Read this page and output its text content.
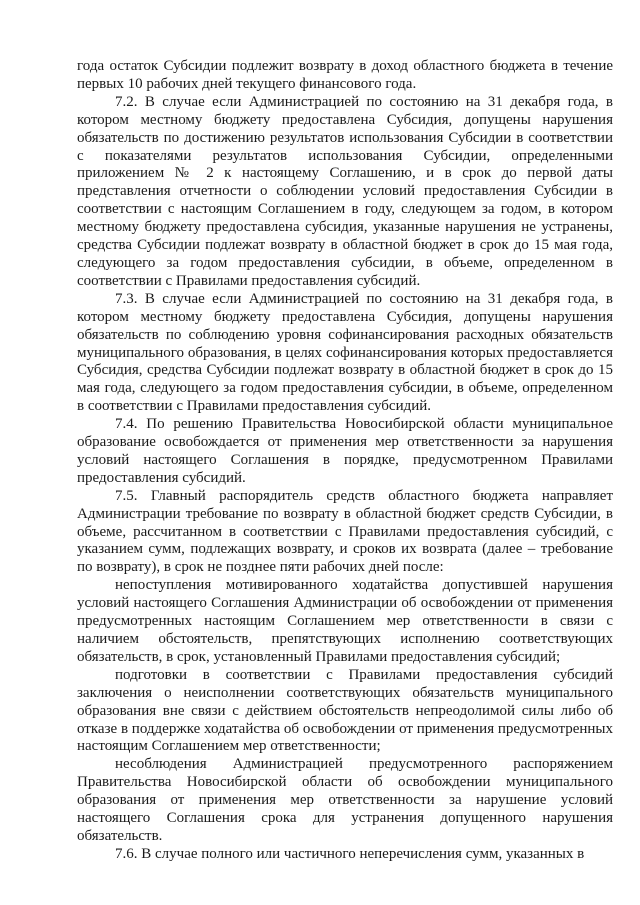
года остаток Субсидии подлежит возврату в доход областного бюджета в течение первых 10 рабочих дней текущего финансового года.

7.2. В случае если Администрацией по состоянию на 31 декабря года, в котором местному бюджету предоставлена Субсидия, допущены нарушения обязательств по достижению результатов использования Субсидии в соответствии с показателями результатов использования Субсидии, определенными приложением № 2 к настоящему Соглашению, и в срок до первой даты представления отчетности о соблюдении условий предоставления Субсидии в соответствии с настоящим Соглашением в году, следующем за годом, в котором местному бюджету предоставлена субсидия, указанные нарушения не устранены, средства Субсидии подлежат возврату в областной бюджет в срок до 15 мая года, следующего за годом предоставления субсидии, в объеме, определенном в соответствии с Правилами предоставления субсидий.

7.3. В случае если Администрацией по состоянию на 31 декабря года, в котором местному бюджету предоставлена Субсидия, допущены нарушения обязательств по соблюдению уровня софинансирования расходных обязательств муниципального образования, в целях софинансирования которых предоставляется Субсидия, средства Субсидии подлежат возврату в областной бюджет в срок до 15 мая года, следующего за годом предоставления субсидии, в объеме, определенном в соответствии с Правилами предоставления субсидий.

7.4. По решению Правительства Новосибирской области муниципальное образование освобождается от применения мер ответственности за нарушения условий настоящего Соглашения в порядке, предусмотренном Правилами предоставления субсидий.

7.5. Главный распорядитель средств областного бюджета направляет Администрации требование по возврату в областной бюджет средств Субсидии, в объеме, рассчитанном в соответствии с Правилами предоставления субсидий, с указанием сумм, подлежащих возврату, и сроков их возврата (далее – требование по возврату), в срок не позднее пяти рабочих дней после:

непоступления мотивированного ходатайства допустившей нарушения условий настоящего Соглашения Администрации об освобождении от применения предусмотренных настоящим Соглашением мер ответственности в связи с наличием обстоятельств, препятствующих исполнению соответствующих обязательств, в срок, установленный Правилами предоставления субсидий;

подготовки в соответствии с Правилами предоставления субсидий заключения о неисполнении соответствующих обязательств муниципального образования вне связи с действием обстоятельств непреодолимой силы либо об отказе в поддержке ходатайства об освобождении от применения предусмотренных настоящим Соглашением мер ответственности;

несоблюдения Администрацией предусмотренного распоряжением Правительства Новосибирской области об освобождении муниципального образования от применения мер ответственности за нарушение условий настоящего Соглашения срока для устранения допущенного нарушения обязательств.

7.6. В случае полного или частичного неперечисления сумм, указанных в
